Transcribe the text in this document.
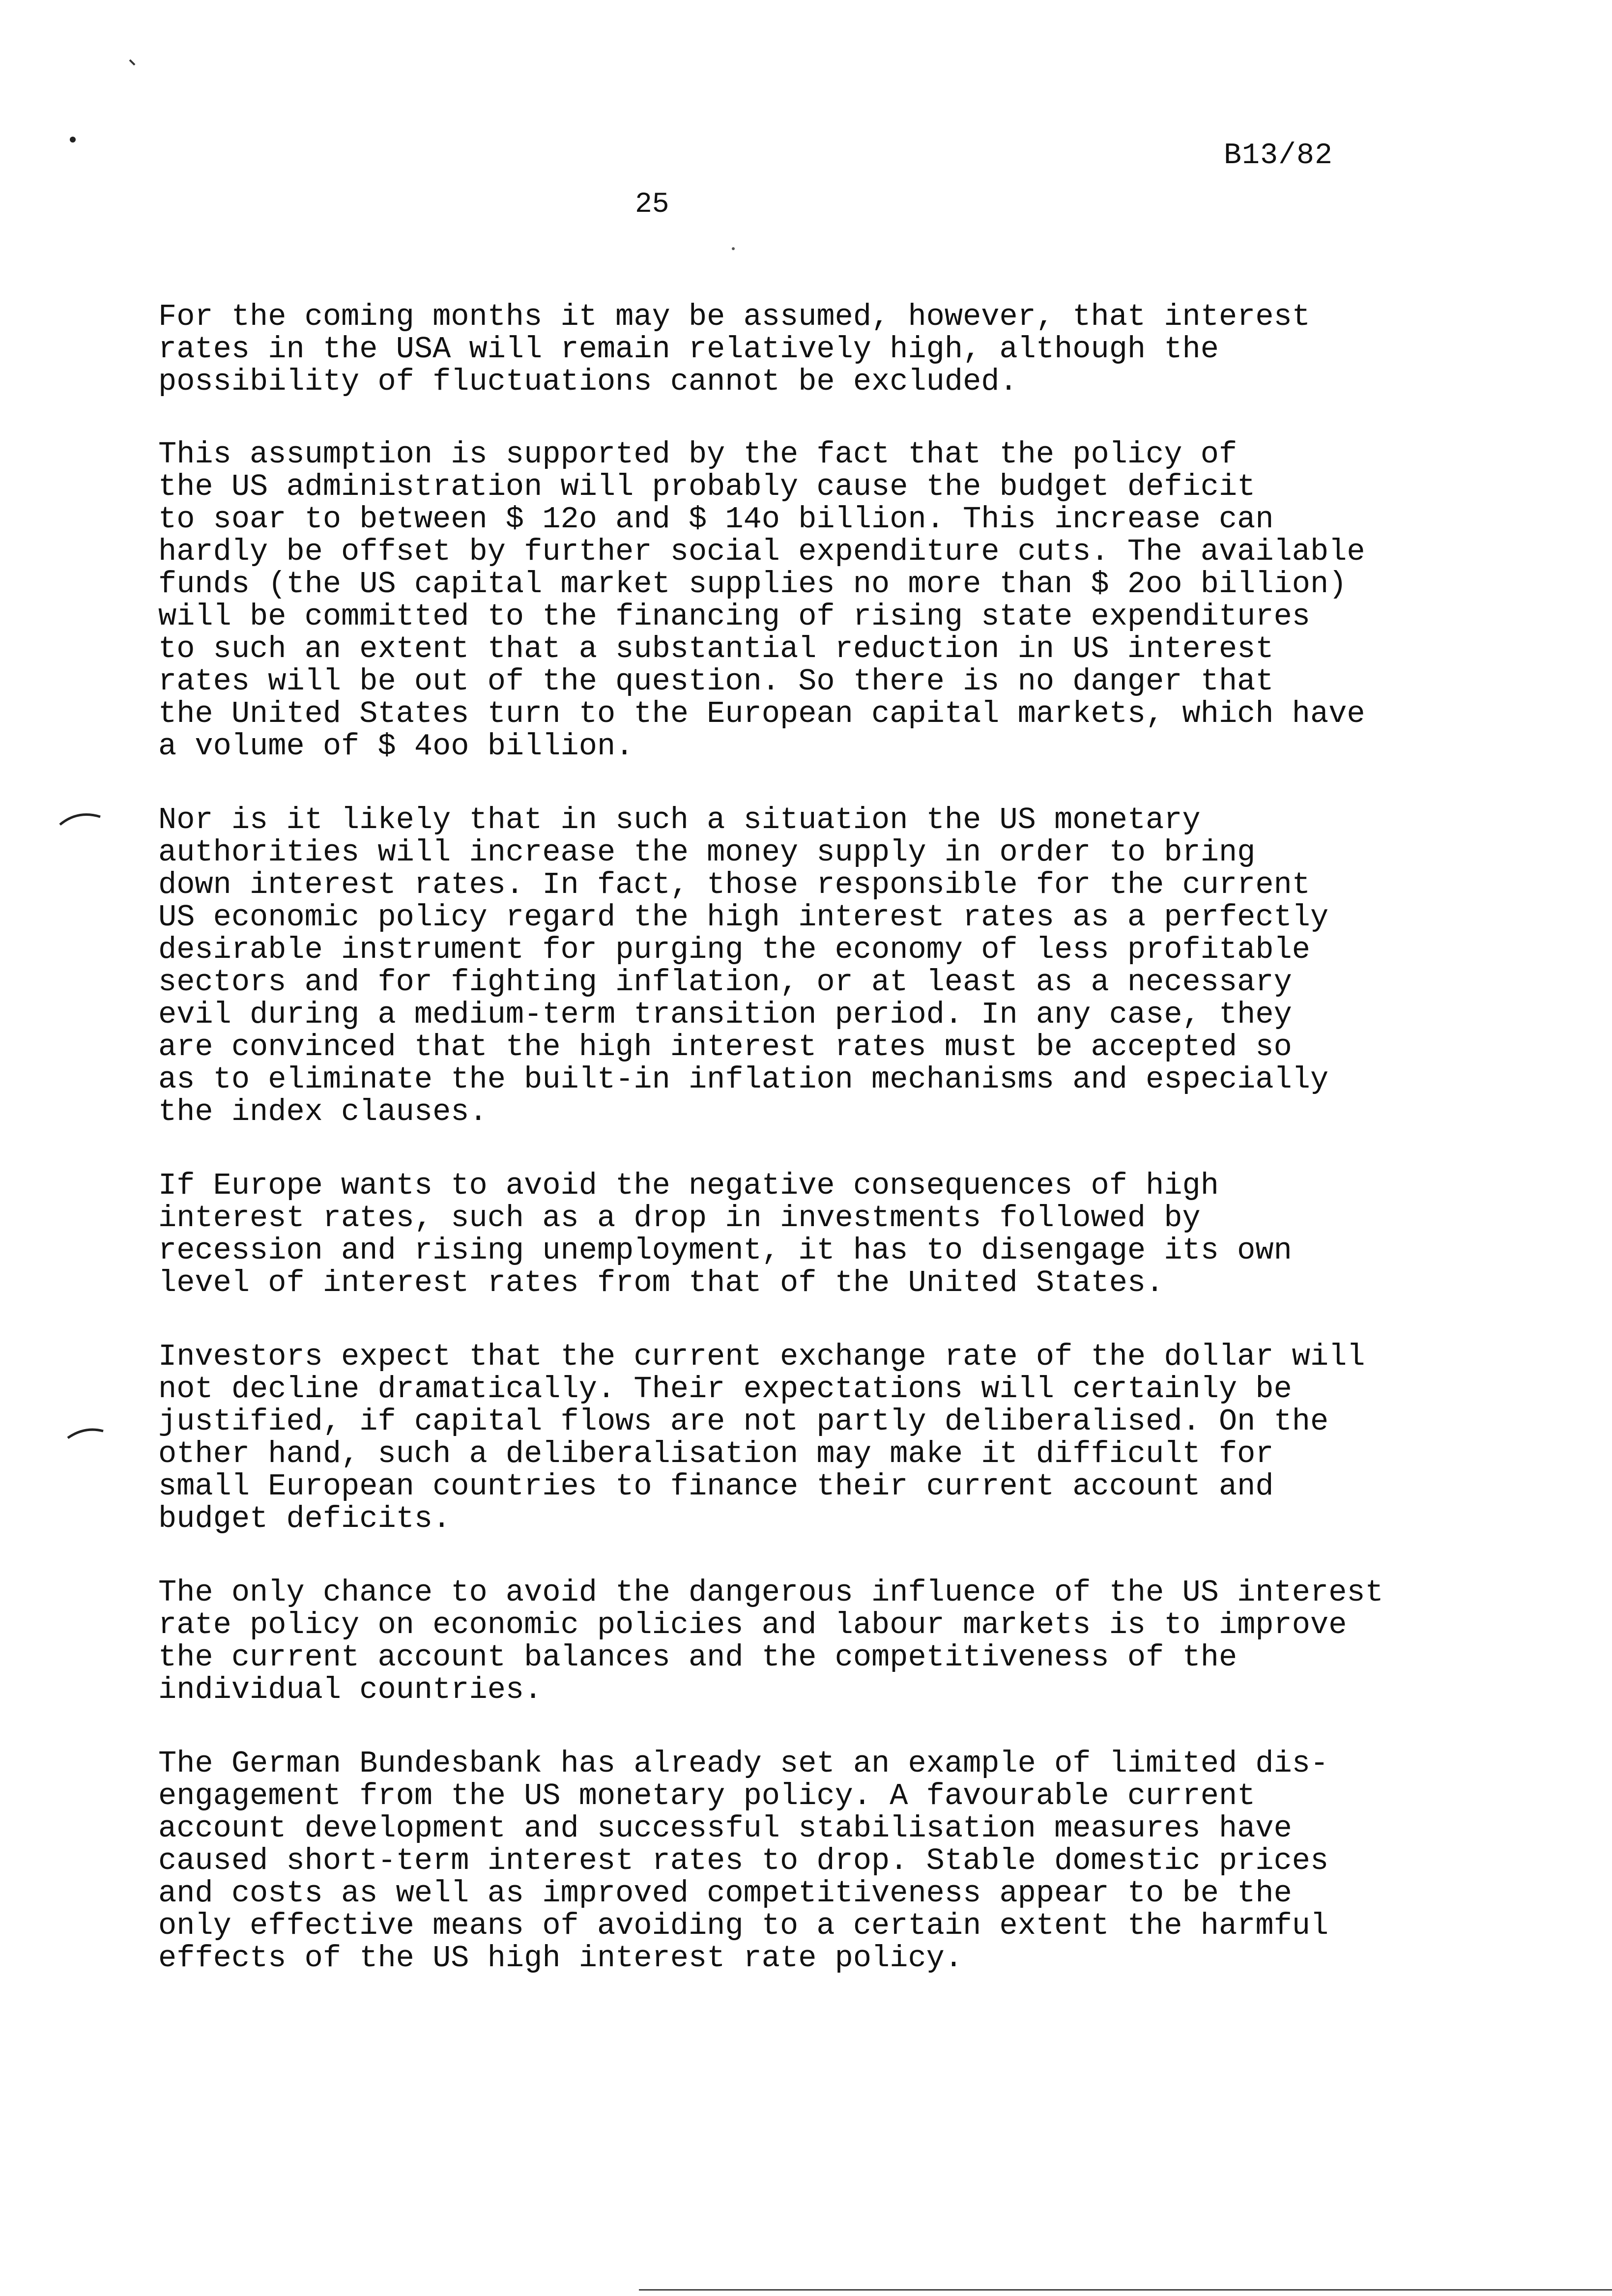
B13/82
25

For the coming months it may be assumed, however, that interest
rates in the USA will remain relatively high, although the
possibility of fluctuations cannot be excluded.

This assumption is supported by the fact that the policy of
the US administration will probably cause the budget deficit
to soar to between $ 12o and $ 14o billion. This increase can
hardly be offset by further social expenditure cuts. The available
funds (the US capital market supplies no more than $ 2oo billion)
will be committed to the financing of rising state expenditures
to such an extent that a substantial reduction in US interest
rates will be out of the question. So there is no danger that
the United States turn to the European capital markets, which have
a volume of $ 4oo billion.

Nor is it likely that in such a situation the US monetary
authorities will increase the money supply in order to bring
down interest rates. In fact, those responsible for the current
US economic policy regard the high interest rates as a perfectly
desirable instrument for purging the economy of less profitable
sectors and for fighting inflation, or at least as a necessary
evil during a medium-term transition period. In any case, they
are convinced that the high interest rates must be accepted so
as to eliminate the built-in inflation mechanisms and especially
the index clauses.

If Europe wants to avoid the negative consequences of high
interest rates, such as a drop in investments followed by
recession and rising unemployment, it has to disengage its own
level of interest rates from that of the United States.

Investors expect that the current exchange rate of the dollar will
not decline dramatically. Their expectations will certainly be
justified, if capital flows are not partly deliberalised. On the
other hand, such a deliberalisation may make it difficult for
small European countries to finance their current account and
budget deficits.

The only chance to avoid the dangerous influence of the US interest
rate policy on economic policies and labour markets is to improve
the current account balances and the competitiveness of the
individual countries.

The German Bundesbank has already set an example of limited dis-
engagement from the US monetary policy. A favourable current
account development and successful stabilisation measures have
caused short-term interest rates to drop. Stable domestic prices
and costs as well as improved competitiveness appear to be the
only effective means of avoiding to a certain extent the harmful
effects of the US high interest rate policy.
